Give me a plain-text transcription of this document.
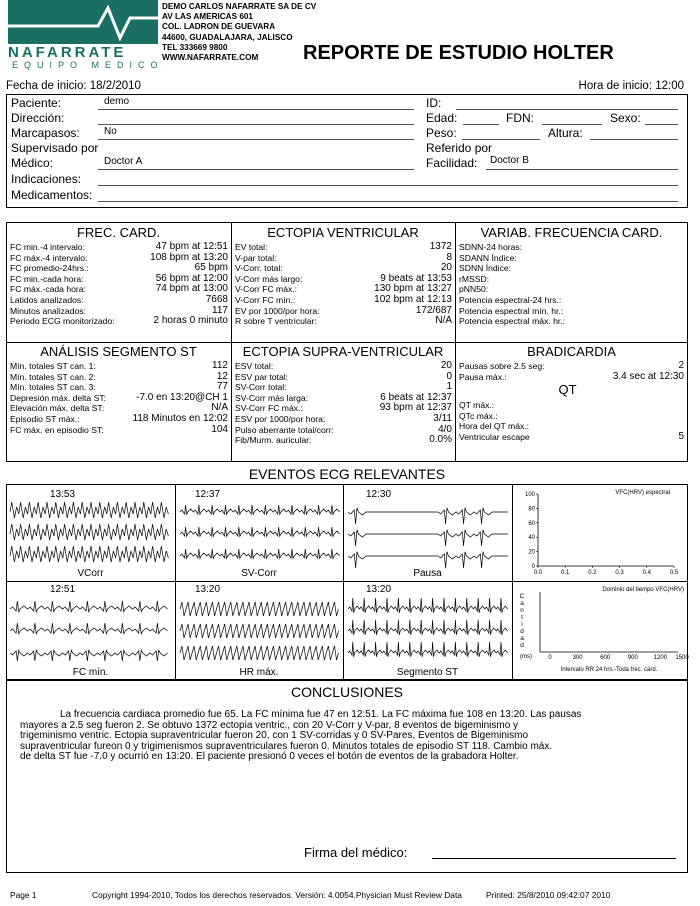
NAFARRATE
EQUIPO MEDICO
DEMO CARLOS NAFARRATE SA DE CV
AV LAS AMERICAS 601
COL. LADRON DE GUEVARA
44600, GUADALAJARA, JALISCO
TEL 333669 9800
WWW.NAFARRATE.COM	REPORTE DE ESTUDIO HOLTER
Fecha de inicio: 18/2/2010	Hora de inicio: 12:00
Paciente:	demo
Dirección:
Marcapasos: No
Supervisado por
Médico:	Doctor A
Indicaciones:
Medicamentos:
ID:
Edad:	FDN:	Sexo:
Peso:	Altura:
Referido por
Facilidad: Doctor B
FREC. CARD.
FC min.-4 intervalo:	47 bpm at 12:51
FC máx.-4 intervalo:	108 bpm at 13:20
FC promedio-24hrs.:	65 bpm
FC min.-cada hora:	56 bpm at 12:00
FC máx.-cada hora:	74 bpm at 13:00
Latidos analizados:	7668
Minutos analizados:	117
Periodo ECG monitorizado:	2 horas 0 minuto
ECTOPIA VENTRICULAR
EV total:	1372
V-par total:	8
V-Corr. total:	20
V-Corr más largo:	9 beats at 13:53
V-Corr FC máx.:	130 bpm at 13:27
V-Corr FC mín.:	102 bpm at 12:13
EV por 1000/por hora:	172/687
R sobre T ventricular:	N/A
VARIAB. FRECUENCIA CARD.
SDNN-24 horas:
SDANN Índice:
SDNN Índice:
rMSSD:
pNN50:
Potencia espectral-24 hrs.:
Potencia espectral mín. hr.:
Potencia espectral máx. hr.:
ANÁLISIS SEGMENTO ST
Mín. totales ST can. 1:	112
Mín. totales ST can. 2:	12
Mín. totales ST can. 3:	77
Depresión máx. delta ST:	-7.0 en 13:20@CH 1
Elevación máx. delta ST:	N/A
Episodio ST máx.:	118 Minutos en 12:02
FC máx. en episodio ST:	104
ECTOPIA SUPRA-VENTRICULAR
ESV total:	20
ESV par total:	0
SV-Corr total:	1
SV-Corr más larga:	6 beats at 12:37
SV-Corr FC máx.:	93 bpm at 12:37
ESV por 1000/por hora:	3/11
Pulso aberrante total/corr:	4/0
Fib/Murm. auricular:	0.0%
BRADICARDIA
Pausas sobre 2.5 seg:	2
Pausa máx.:	3.4 sec at 12:30
QT
QT máx.:
QTc máx.:
Hora del QT máx.:
Ventricular escape	5
EVENTOS ECG RELEVANTES
13:53
VCorr
12:37
SV-Corr
12:30
Pausa
12:51
FC mín.
13:20
HR máx.
13:20
Segmento ST
VFC(HRV) espectral
0
20
40
60
80
100
0.0	0.1	0.2	0.3	0.4	0.5
Dominio del tiempo VFC(HRV)
C
a
n
t
i
d
a
d
(ms)	0	300	600	900	1200 1500
Intervalo RR 24 hrs.-Toda frec. card.
CONCLUSIONES
La frecuencia cardiaca promedio fue 65. La FC mínima fue 47 en 12:51. La FC máxima fue 108 en 13:20. Las pausas
mayores a 2.5 seg fueron 2. Se obtuvo 1372 ectopia ventric., con 20 V-Corr y V-par, 8 eventos de bigeminismo y
trigeminismo ventric. Ectopia supraventricular fueron 20, con 1 SV-corridas y 0 SV-Pares, Eventos de Bigeminismo
supraventricular fureon 0 y trigimenismos supraventriculares fueron 0. Minutos totales de episodio ST 118. Cambio máx.
de delta ST fue -7.0 y ocurrió en 13:20. El paciente presionó 0 veces el botón de eventos de la grabadora Holter.
Firma del médico:
Page 1	Copyright 1994-2010, Todos los derechos reservados. Versión: 4.0054.Physician Must Review Data	Printed: 25/8/2010 09:42:07 2010
